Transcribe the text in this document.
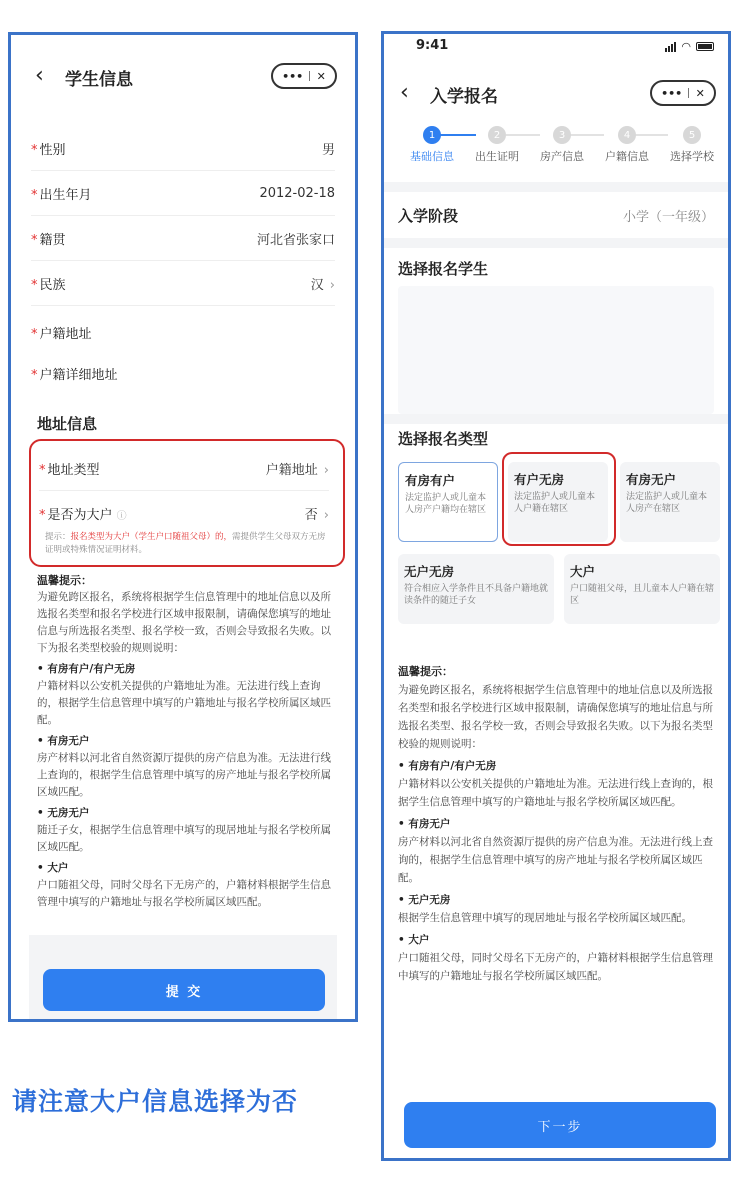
‹ 学生信息	••• ✕
* 性别	男
* 出生年月	2012-02-18
* 籍贯	河北省张家口
* 民族	汉 ›
* 户籍地址
* 户籍详细地址
地址信息
* 地址类型	户籍地址 ›
* 是否为大户 ⓘ	否 ›
提示：报名类型为大户（学生户口随祖父母）的，需提供学生父母双方无房证明或特殊情况证明材料。

温馨提示：

为避免跨区报名，系统将根据学生信息管理中的地址信息以及所选报名类型和报名学校进行区域申报限制，请确保您填写的地址信息与所选报名类型、报名学校一致，否则会导致报名失败。以下为报名类型校验的规则说明：

• 有房有户/有户无房

户籍材料以公安机关提供的户籍地址为准。无法进行线上查询的，根据学生信息管理中填写的户籍地址与报名学校所属区域匹配。

• 有房无户

房产材料以河北省自然资源厅提供的房产信息为准。无法进行线上查询的，根据学生信息管理中填写的房产地址与报名学校所属区域匹配。

• 无房无户

随迁子女，根据学生信息管理中填写的现居地址与报名学校所属区域匹配。

• 大户

户口随祖父母，同时父母名下无房产的，户籍材料根据学生信息管理中填写的户籍地址与报名学校所属区域匹配。

提 交
9:41	◠
‹ 入学报名	••• ✕
1
基础信息
2
出生证明
3
房产信息
4
户籍信息
5
选择学校
入学阶段	小学（一年级）
选择报名学生
选择报名类型
有房有户
法定监护人或儿童本人房产户籍均在辖区
有户无房
法定监护人或儿童本人户籍在辖区
有房无户
法定监护人或儿童本人房产在辖区
无户无房
符合相应入学条件且不具备户籍地就读条件的随迁子女
大户
户口随祖父母，且儿童本人户籍在辖区

温馨提示：

为避免跨区报名，系统将根据学生信息管理中的地址信息以及所选报名类型和报名学校进行区域申报限制，请确保您填写的地址信息与所选报名类型、报名学校一致，否则会导致报名失败。以下为报名类型校验的规则说明：

• 有房有户/有户无房

户籍材料以公安机关提供的户籍地址为准。无法进行线上查询的，根据学生信息管理中填写的户籍地址与报名学校所属区域匹配。

• 有房无户

房产材料以河北省自然资源厅提供的房产信息为准。无法进行线上查询的，根据学生信息管理中填写的房产地址与报名学校所属区域匹配。

• 无户无房

根据学生信息管理中填写的现居地址与报名学校所属区域匹配。

• 大户

户口随祖父母，同时父母名下无房产的，户籍材料根据学生信息管理中填写的户籍地址与报名学校所属区域匹配。

下一步
请注意大户信息选择为否
